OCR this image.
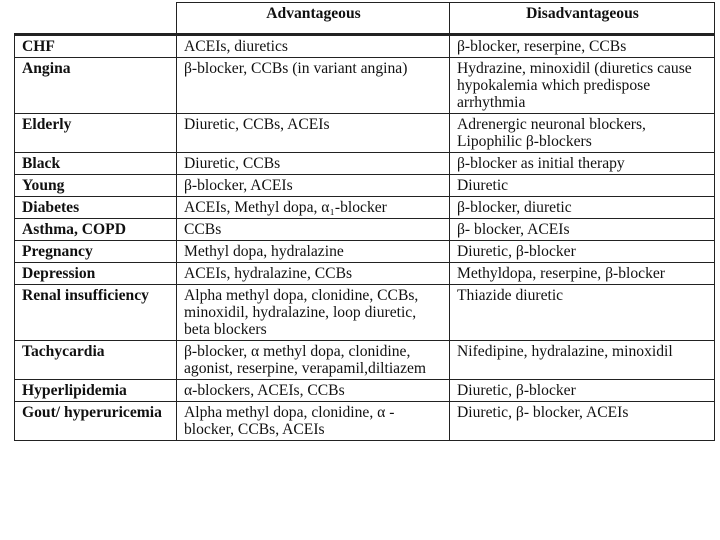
	Advantageous	Disadvantageous
CHF	ACEIs, diuretics	β-blocker, reserpine, CCBs
Angina	β-blocker, CCBs (in variant angina)	Hydrazine, minoxidil (diuretics cause hypokalemia which predispose arrhythmia
Elderly	Diuretic, CCBs, ACEIs	Adrenergic neuronal blockers, Lipophilic β-blockers
Black	Diuretic, CCBs	β-blocker as initial therapy
Young	β-blocker, ACEIs	Diuretic
Diabetes	ACEIs, Methyl dopa, α₁-blocker	β-blocker, diuretic
Asthma, COPD	CCBs	β- blocker, ACEIs
Pregnancy	Methyl dopa, hydralazine	Diuretic, β-blocker
Depression	ACEIs, hydralazine, CCBs	Methyldopa, reserpine, β-blocker
Renal insufficiency	Alpha methyl dopa, clonidine, CCBs, minoxidil, hydralazine, loop diuretic, beta blockers	Thiazide diuretic
Tachycardia	β-blocker, α methyl dopa, clonidine, agonist, reserpine, verapamil,diltiazem	Nifedipine, hydralazine, minoxidil
Hyperlipidemia	α-blockers, ACEIs, CCBs	Diuretic, β-blocker
Gout/ hyperuricemia	Alpha methyl dopa, clonidine, α - blocker, CCBs, ACEIs	Diuretic, β- blocker, ACEIs
